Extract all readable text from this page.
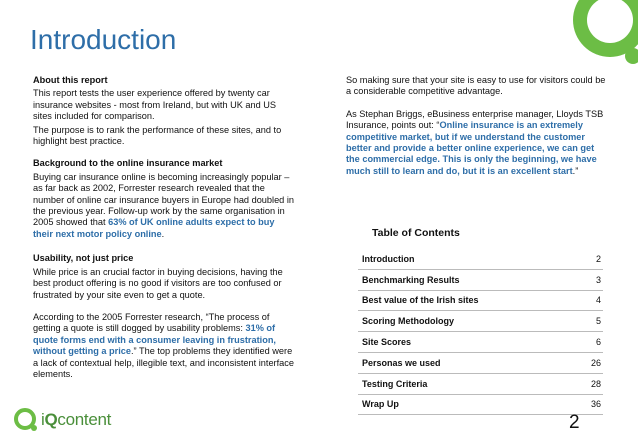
Introduction

About this report

This report tests the user experience offered by twenty car insurance websites - most from Ireland, but with UK and US sites included for comparison.

The purpose is to rank the performance of these sites, and to highlight best practice.

Background to the online insurance market

Buying car insurance online is becoming increasingly popular – as far back as 2002, Forrester research revealed that the number of online car insurance buyers in Europe had doubled in the previous year. Follow-up work by the same organisation in 2005 showed that 63% of UK online adults expect to buy their next motor policy online.

Usability, not just price

While price is an crucial factor in buying decisions, having the best product offering is no good if visitors are too confused or frustrated by your site even to get a quote.

According to the 2005 Forrester research, “The process of getting a quote is still dogged by usability problems: 31% of quote forms end with a consumer leaving in frustration, without getting a price.” The top problems they identified were a lack of contextual help, illegible text, and inconsistent interface elements.

So making sure that your site is easy to use for visitors could be a considerable competitive advantage.

As Stephan Briggs, eBusiness enterprise manager, Lloyds TSB Insurance, points out: “Online insurance is an extremely competitive market, but if we understand the customer better and provide a better online experience, we can get the commercial edge. This is only the beginning, we have much still to learn and do, but it is an excellent start.”

Table of Contents

Introduction	2
Benchmarking Results	3
Best value of the Irish sites	4
Scoring Methodology	5
Site Scores	6
Personas we used	26
Testing Criteria	28
Wrap Up	36
iQcontent	2
